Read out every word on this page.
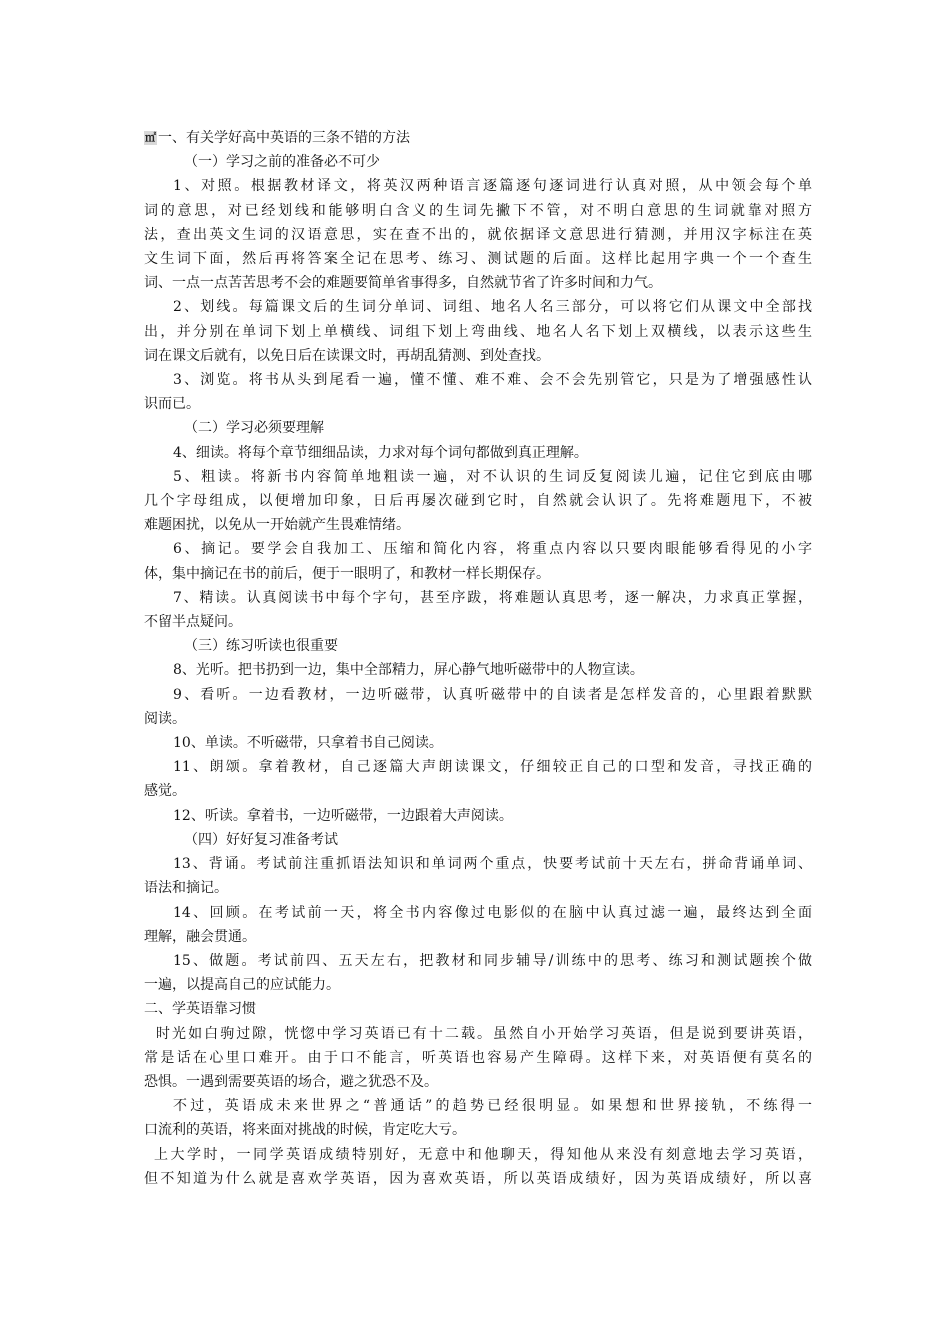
㎡ 一、有关学好高中英语的三条不错的方法
（一）学习之前的准备必不可少
1、对照。根据教材译文，将英汉两种语言逐篇逐句逐词进行认真对照，从中领会每个单
词的意思，对已经划线和能够明白含义的生词先撇下不管，对不明白意思的生词就靠对照方
法，查出英文生词的汉语意思，实在查不出的，就依据译文意思进行猜测，并用汉字标注在英
文生词下面，然后再将答案全记在思考、练习、测试题的后面。这样比起用字典一个一个查生
词、一点一点苦苦思考不会的难题要简单省事得多，自然就节省了许多时间和力气。
2、划线。每篇课文后的生词分单词、词组、地名人名三部分，可以将它们从课文中全部找
出，并分别在单词下划上单横线、词组下划上弯曲线、地名人名下划上双横线，以表示这些生
词在课文后就有，以免日后在读课文时，再胡乱猜测、到处查找。
3、浏览。将书从头到尾看一遍，懂不懂、难不难、会不会先别管它，只是为了增强感性认
识而已。
（二）学习必须要理解
4、细读。将每个章节细细品读，力求对每个词句都做到真正理解。
5、粗读。将新书内容简单地粗读一遍，对不认识的生词反复阅读儿遍，记住它到底由哪
几个字母组成，以便增加印象，日后再屡次碰到它时，自然就会认识了。先将难题甩下，不被
难题困扰，以免从一开始就产生畏难情绪。
6、摘记。要学会自我加工、压缩和简化内容，将重点内容以只要肉眼能够看得见的小字
体，集中摘记在书的前后，便于一眼明了，和教材一样长期保存。
7、精读。认真阅读书中每个字句，甚至序跋，将难题认真思考，逐一解决，力求真正掌握，
不留半点疑问。
（三）练习听读也很重要
8、光听。把书扔到一边，集中全部精力，屏心静气地听磁带中的人物宣读。
9、看听。一边看教材，一边听磁带，认真听磁带中的自读者是怎样发音的，心里跟着默默
阅读。
10、单读。不听磁带，只拿着书自己阅读。
11、朗颂。拿着教材，自己逐篇大声朗读课文，仔细较正自己的口型和发音，寻找正确的
感觉。
12、听读。拿着书，一边听磁带，一边跟着大声阅读。
（四）好好复习准备考试
13、背诵。考试前注重抓语法知识和单词两个重点，快要考试前十天左右，拼命背诵单词、
语法和摘记。
14、回顾。在考试前一天，将全书内容像过电影似的在脑中认真过滤一遍，最终达到全面
理解，融会贯通。
15、做题。考试前四、五天左右，把教材和同步辅导/训练中的思考、练习和测试题挨个做
一遍，以提高自己的应试能力。
二、学英语靠习惯
时光如白驹过隙，恍惚中学习英语已有十二载。虽然自小开始学习英语，但是说到要讲英语，
常是话在心里口难开。由于口不能言，听英语也容易产生障碍。这样下来，对英语便有莫名的
恐惧。一遇到需要英语的场合，避之犹恐不及。
不过，英语成未来世界之“普通话”的趋势已经很明显。如果想和世界接轨，不练得一
口流利的英语，将来面对挑战的时候，肯定吃大亏。
上大学时，一同学英语成绩特别好，无意中和他聊天，得知他从来没有刻意地去学习英语，
但不知道为什么就是喜欢学英语，因为喜欢英语，所以英语成绩好，因为英语成绩好，所以喜
